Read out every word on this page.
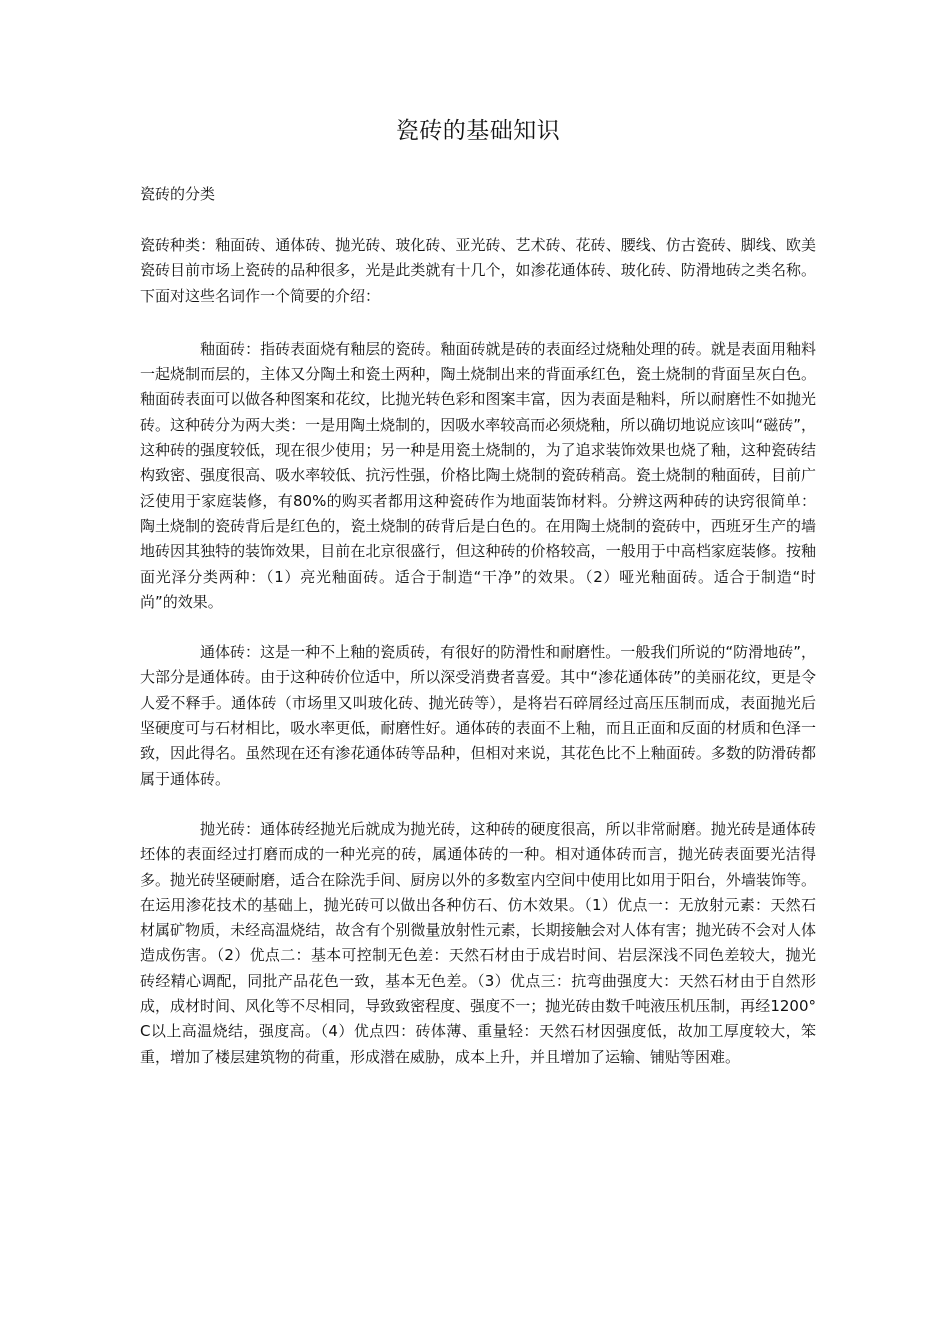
瓷砖的基础知识
瓷砖的分类

瓷砖种类：釉面砖、通体砖、抛光砖、玻化砖、亚光砖、艺术砖、花砖、腰线、仿古瓷砖、脚线、欧美瓷砖目前市场上瓷砖的品种很多，光是此类就有十几个，如渗花通体砖、玻化砖、防滑地砖之类名称。下面对这些名词作一个简要的介绍：

釉面砖：指砖表面烧有釉层的瓷砖。釉面砖就是砖的表面经过烧釉处理的砖。就是表面用釉料一起烧制而层的，主体又分陶土和瓷土两种，陶土烧制出来的背面承红色，瓷土烧制的背面呈灰白色。釉面砖表面可以做各种图案和花纹，比抛光转色彩和图案丰富，因为表面是釉料，所以耐磨性不如抛光砖。这种砖分为两大类：一是用陶土烧制的，因吸水率较高而必须烧釉，所以确切地说应该叫“磁砖”，这种砖的强度较低，现在很少使用；另一种是用瓷土烧制的，为了追求装饰效果也烧了釉，这种瓷砖结构致密、强度很高、吸水率较低、抗污性强，价格比陶土烧制的瓷砖稍高。瓷土烧制的釉面砖，目前广泛使用于家庭装修，有80%的购买者都用这种瓷砖作为地面装饰材料。分辨这两种砖的诀窍很简单：陶土烧制的瓷砖背后是红色的，瓷土烧制的砖背后是白色的。在用陶土烧制的瓷砖中，西班牙生产的墙地砖因其独特的装饰效果，目前在北京很盛行，但这种砖的价格较高，一般用于中高档家庭装修。按釉面光泽分类两种：（1）亮光釉面砖。适合于制造“干净”的效果。（2）哑光釉面砖。适合于制造“时尚”的效果。

通体砖：这是一种不上釉的瓷质砖，有很好的防滑性和耐磨性。一般我们所说的“防滑地砖”，大部分是通体砖。由于这种砖价位适中，所以深受消费者喜爱。其中“渗花通体砖”的美丽花纹，更是令人爱不释手。通体砖（市场里又叫玻化砖、抛光砖等），是将岩石碎屑经过高压压制而成，表面抛光后坚硬度可与石材相比，吸水率更低，耐磨性好。通体砖的表面不上釉，而且正面和反面的材质和色泽一致，因此得名。虽然现在还有渗花通体砖等品种，但相对来说，其花色比不上釉面砖。多数的防滑砖都属于通体砖。

抛光砖：通体砖经抛光后就成为抛光砖，这种砖的硬度很高，所以非常耐磨。抛光砖是通体砖坯体的表面经过打磨而成的一种光亮的砖，属通体砖的一种。相对通体砖而言，抛光砖表面要光洁得多。抛光砖坚硬耐磨，适合在除洗手间、厨房以外的多数室内空间中使用比如用于阳台，外墙装饰等。在运用渗花技术的基础上，抛光砖可以做出各种仿石、仿木效果。（1）优点一：无放射元素：天然石材属矿物质，未经高温烧结，故含有个别微量放射性元素，长期接触会对人体有害；抛光砖不会对人体造成伤害。（2）优点二：基本可控制无色差：天然石材由于成岩时间、岩层深浅不同色差较大，抛光砖经精心调配，同批产品花色一致，基本无色差。（3）优点三：抗弯曲强度大：天然石材由于自然形成，成材时间、风化等不尽相同，导致致密程度、强度不一；抛光砖由数千吨液压机压制，再经1200°C以上高温烧结，强度高。（4）优点四：砖体薄、重量轻：天然石材因强度低，故加工厚度较大，笨重，增加了楼层建筑物的荷重，形成潜在威胁，成本上升，并且增加了运输、铺贴等困难。
